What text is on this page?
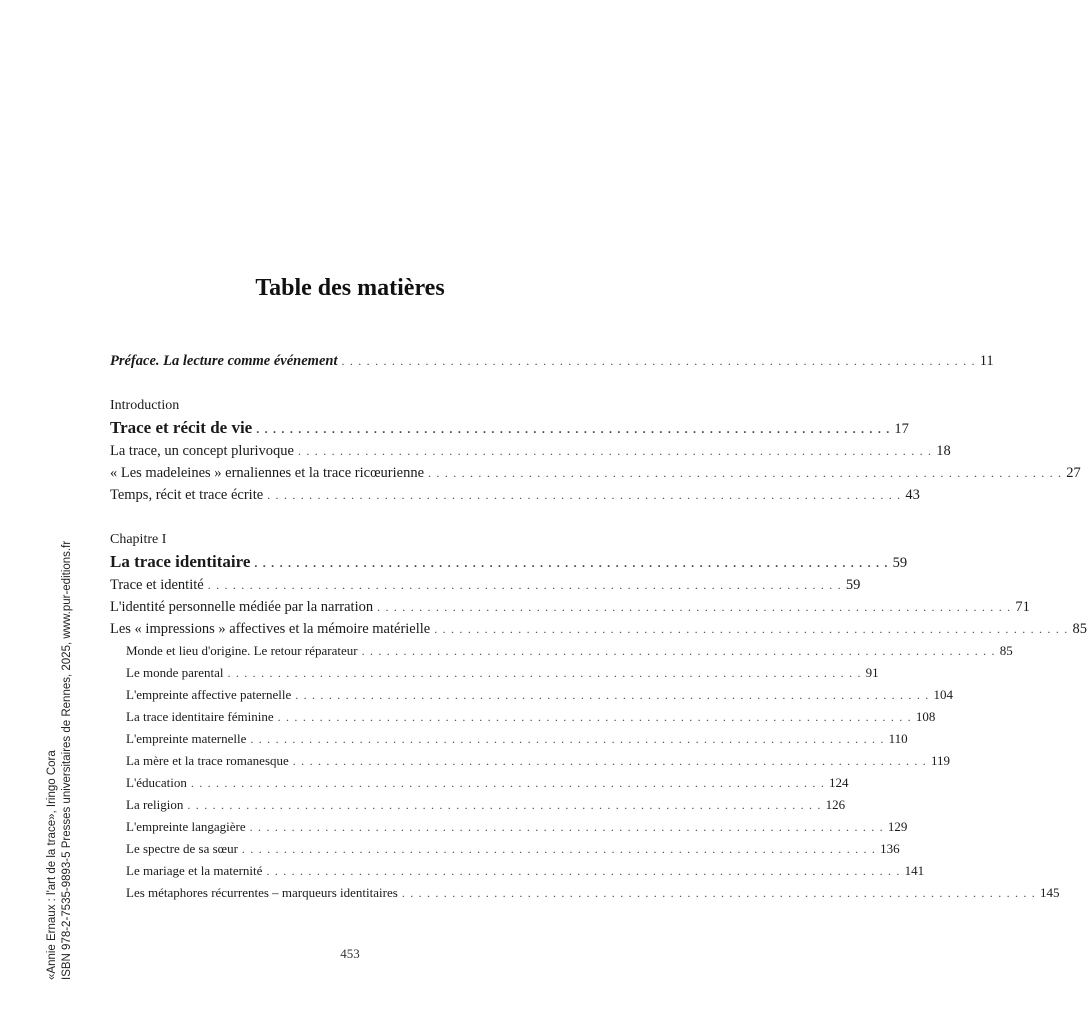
«Annie Ernaux : l'art de la trace», Iringo Cora ISBN 978-2-7535-9893-5 Presses universitaires de Rennes, 2025, www.pur-editions.fr
Table des matières
Préface. La lecture comme événement . . . . . . . . . . . . . . . . . . . . . . . . . . . . . . . . . . . . . . . . . . . . . . . . . . . . . . . . . . . . . . . . . . . . . . . . . . . . 11
Introduction
Trace et récit de vie . . . . . . . . . . . . . . . . . . . . . . . . . . . . . . . . . . . . . . . . . . . . . . . . . . . . . . . . . . . . . . . . . . . . . . . . . . . . 17
La trace, un concept plurivoque . . . . . . . . . . . . . . . . . . . . . . . . . . . . . . . . . . . . . . . . . . . . . . . . . . . . . . . . . . . . . . . . . . . . . . . . . . . . 18
« Les madeleines » ernaliennes et la trace ricœurienne . . . . . . . . . . . . . . . . . . . . . . . . . . . . . . . . . . . . . . . . . . . . . . . . . . . . . . . . . . . . . . . . . . . . . . . . . . . . 27
Temps, récit et trace écrite . . . . . . . . . . . . . . . . . . . . . . . . . . . . . . . . . . . . . . . . . . . . . . . . . . . . . . . . . . . . . . . . . . . . . . . . . . . . 43
Chapitre I
La trace identitaire . . . . . . . . . . . . . . . . . . . . . . . . . . . . . . . . . . . . . . . . . . . . . . . . . . . . . . . . . . . . . . . . . . . . . . . . . . . . 59
Trace et identité . . . . . . . . . . . . . . . . . . . . . . . . . . . . . . . . . . . . . . . . . . . . . . . . . . . . . . . . . . . . . . . . . . . . . . . . . . . . 59
L'identité personnelle médiée par la narration . . . . . . . . . . . . . . . . . . . . . . . . . . . . . . . . . . . . . . . . . . . . . . . . . . . . . . . . . . . . . . . . . . . . . . . . . . . . 71
Les « impressions » affectives et la mémoire matérielle . . . . . . . . . . . . . . . . . . . . . . . . . . . . . . . . . . . . . . . . . . . . . . . . . . . . . . . . . . . . . . . . . . . . . . . . . . . . 85
Monde et lieu d'origine. Le retour réparateur . . . . . . . . . . . . . . . . . . . . . . . . . . . . . . . . . . . . . . . . . . . . . . . . . . . . . . . . . . . . . . . . . . . . . . . . . . . . 85
Le monde parental . . . . . . . . . . . . . . . . . . . . . . . . . . . . . . . . . . . . . . . . . . . . . . . . . . . . . . . . . . . . . . . . . . . . . . . . . . . . 91
L'empreinte affective paternelle . . . . . . . . . . . . . . . . . . . . . . . . . . . . . . . . . . . . . . . . . . . . . . . . . . . . . . . . . . . . . . . . . . . . . . . . . . . . 104
La trace identitaire féminine . . . . . . . . . . . . . . . . . . . . . . . . . . . . . . . . . . . . . . . . . . . . . . . . . . . . . . . . . . . . . . . . . . . . . . . . . . . . 108
L'empreinte maternelle . . . . . . . . . . . . . . . . . . . . . . . . . . . . . . . . . . . . . . . . . . . . . . . . . . . . . . . . . . . . . . . . . . . . . . . . . . . . 110
La mère et la trace romanesque . . . . . . . . . . . . . . . . . . . . . . . . . . . . . . . . . . . . . . . . . . . . . . . . . . . . . . . . . . . . . . . . . . . . . . . . . . . . 119
L'éducation . . . . . . . . . . . . . . . . . . . . . . . . . . . . . . . . . . . . . . . . . . . . . . . . . . . . . . . . . . . . . . . . . . . . . . . . . . . . 124
La religion . . . . . . . . . . . . . . . . . . . . . . . . . . . . . . . . . . . . . . . . . . . . . . . . . . . . . . . . . . . . . . . . . . . . . . . . . . . . 126
L'empreinte langagière . . . . . . . . . . . . . . . . . . . . . . . . . . . . . . . . . . . . . . . . . . . . . . . . . . . . . . . . . . . . . . . . . . . . . . . . . . . . 129
Le spectre de sa sœur . . . . . . . . . . . . . . . . . . . . . . . . . . . . . . . . . . . . . . . . . . . . . . . . . . . . . . . . . . . . . . . . . . . . . . . . . . . . 136
Le mariage et la maternité . . . . . . . . . . . . . . . . . . . . . . . . . . . . . . . . . . . . . . . . . . . . . . . . . . . . . . . . . . . . . . . . . . . . . . . . . . . . 141
Les métaphores récurrentes – marqueurs identitaires . . . . . . . . . . . . . . . . . . . . . . . . . . . . . . . . . . . . . . . . . . . . . . . . . . . . . . . . . . . . . . . . . . . . . . . . . . . . 145
453
